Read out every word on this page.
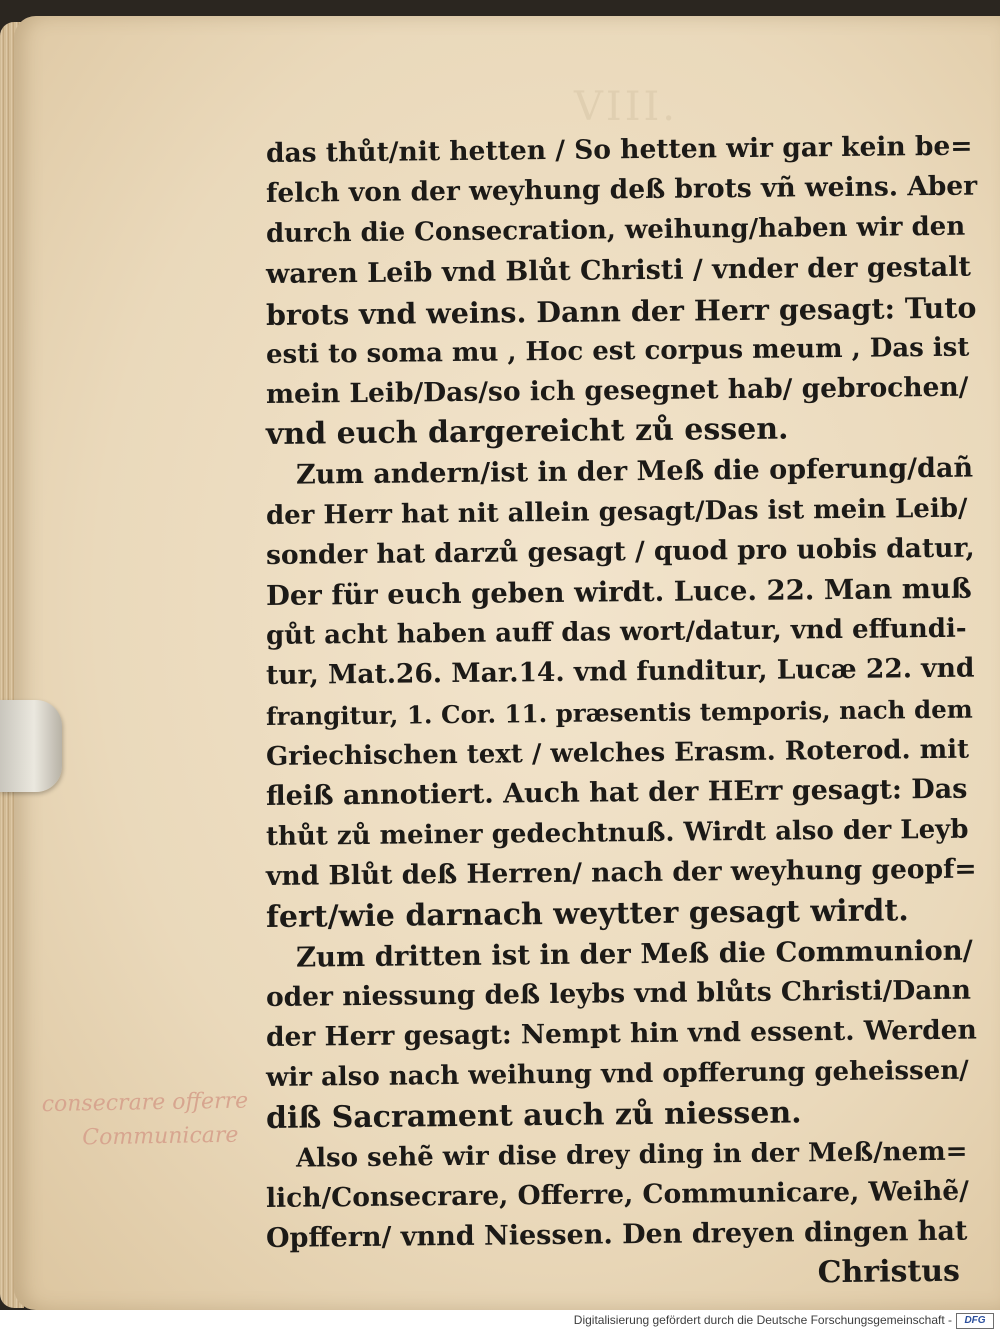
VIII.
das thůt/nit hetten / So hetten wir gar kein be=
felch von der weyhung deß brots vñ weins. Aber
durch die Consecration, weihung/haben wir den
waren Leib vnd Blůt Christi / vnder der gestalt
brots vnd weins. Dann der Herr gesagt: Tuto
esti to soma mu , Hoc est corpus meum , Das ist
mein Leib/Das/so ich gesegnet hab/ gebrochen/
vnd euch dargereicht zů essen.
Zum andern/ist in der Meß die opferung/dañ
der Herr hat nit allein gesagt/Das ist mein Leib/
sonder hat darzů gesagt / quod pro uobis datur,
Der für euch geben wirdt. Luce. 22. Man muß
gůt acht haben auff das wort/datur, vnd effundi-
tur, Mat.26. Mar.14. vnd funditur, Lucæ 22. vnd
frangitur, 1. Cor. 11. præsentis temporis, nach dem
Griechischen text / welches Erasm. Roterod. mit
fleiß annotiert. Auch hat der HErr gesagt: Das
thůt zů meiner gedechtnuß. Wirdt also der Leyb
vnd Blůt deß Herren/ nach der weyhung geopf=
fert/wie darnach weytter gesagt wirdt.
Zum dritten ist in der Meß die Communion/
oder niessung deß leybs vnd blůts Christi/Dann
der Herr gesagt: Nempt hin vnd essent. Werden
wir also nach weihung vnd opfferung geheissen/
diß Sacrament auch zů niessen.
Also sehẽ wir dise drey ding in der Meß/nem=
lich/Consecrare, Offerre, Communicare, Weihẽ/
Opffern/ vnnd Niessen. Den dreyen dingen hat
Christus
consecrare offerre
Communicare
Digitalisierung gefördert durch die Deutsche Forschungsgemeinschaft -	DFG
